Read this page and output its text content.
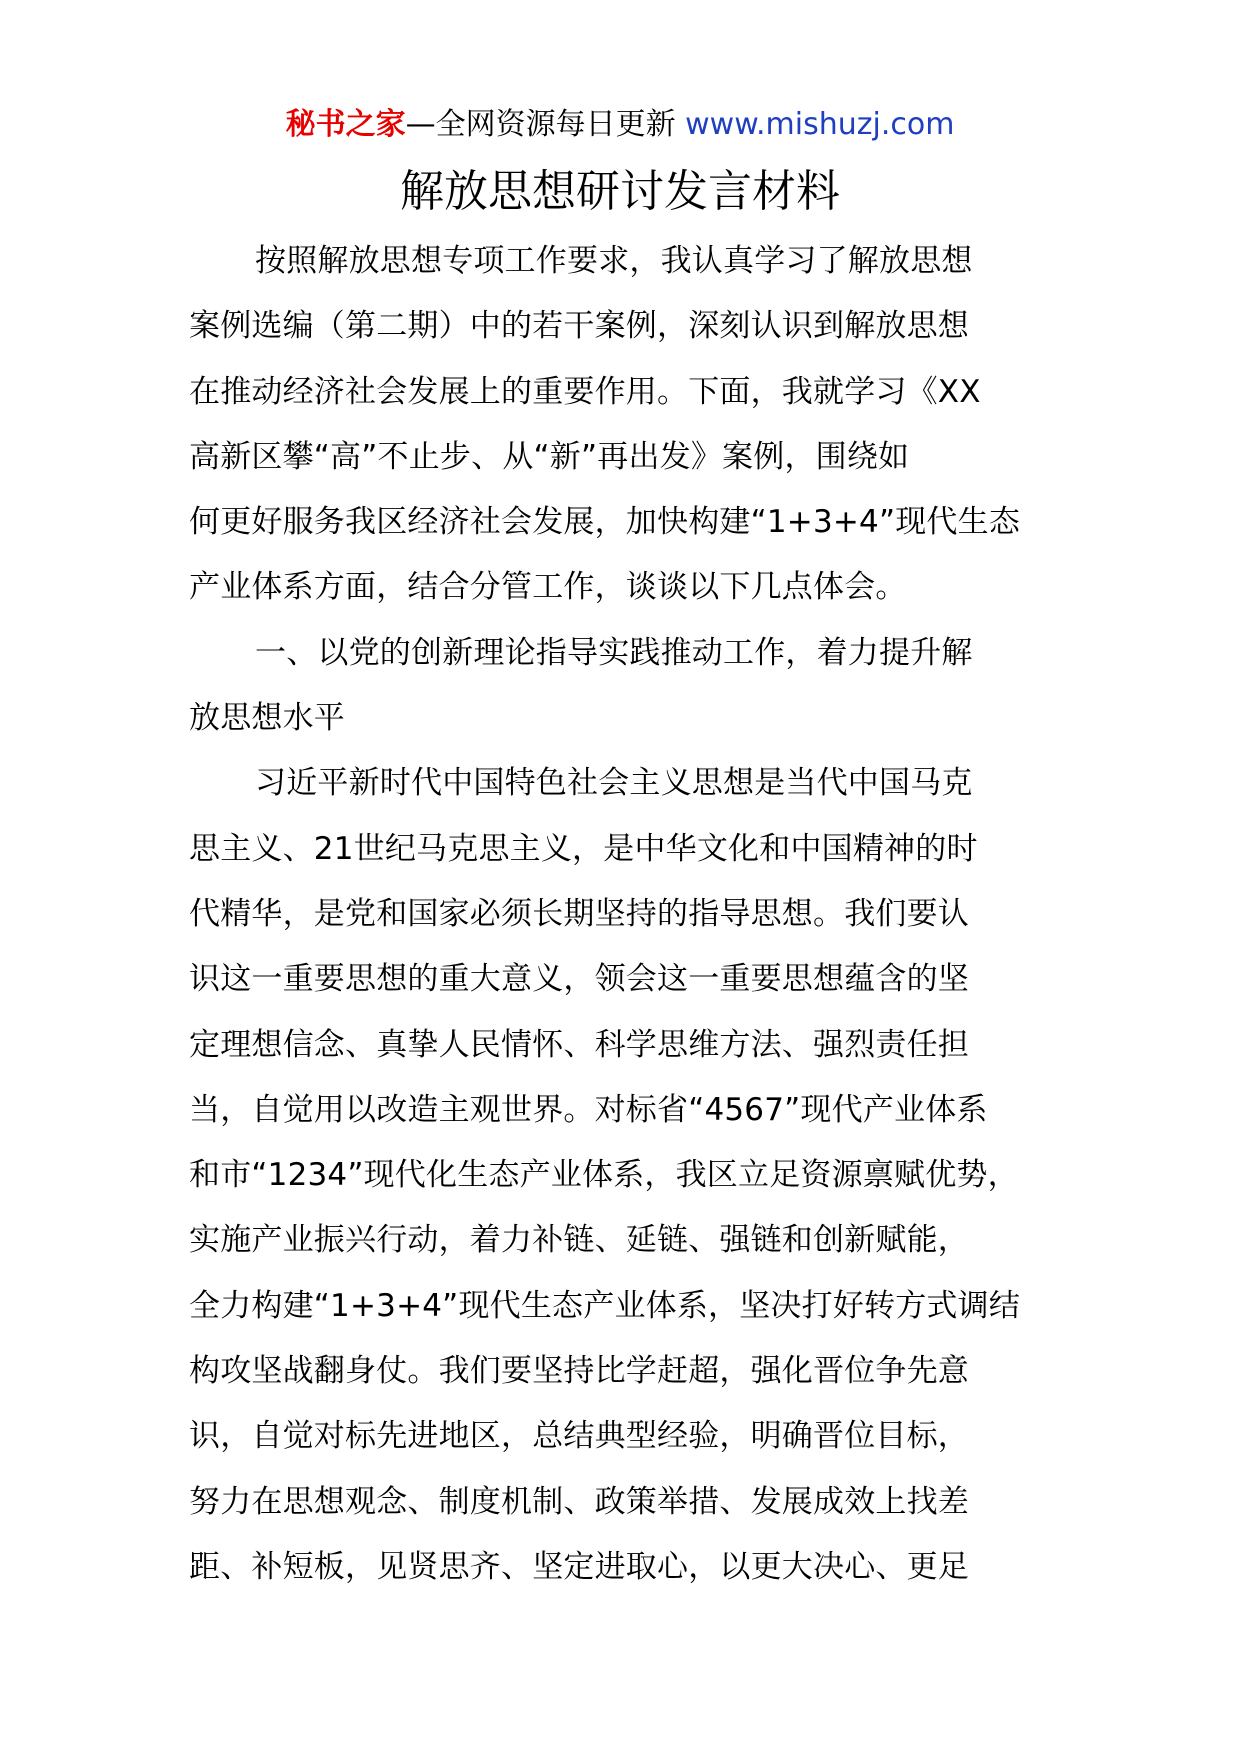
秘书之家—全网资源每日更新 www.mishuzj.com
解放思想研讨发言材料
按照解放思想专项工作要求，我认真学习了解放思想
案例选编（第二期）中的若干案例，深刻认识到解放思想
在推动经济社会发展上的重要作用。下面，我就学习《XX
高新区攀“高”不止步、从“新”再出发》案例，围绕如
何更好服务我区经济社会发展，加快构建“1+3+4”现代生态
产业体系方面，结合分管工作，谈谈以下几点体会。
一、以党的创新理论指导实践推动工作，着力提升解
放思想水平
习近平新时代中国特色社会主义思想是当代中国马克
思主义、21世纪马克思主义，是中华文化和中国精神的时
代精华，是党和国家必须长期坚持的指导思想。我们要认
识这一重要思想的重大意义，领会这一重要思想蕴含的坚
定理想信念、真挚人民情怀、科学思维方法、强烈责任担
当，自觉用以改造主观世界。对标省“4567”现代产业体系
和市“1234”现代化生态产业体系，我区立足资源禀赋优势，
实施产业振兴行动，着力补链、延链、强链和创新赋能，
全力构建“1+3+4”现代生态产业体系，坚决打好转方式调结
构攻坚战翻身仗。我们要坚持比学赶超，强化晋位争先意
识，自觉对标先进地区，总结典型经验，明确晋位目标，
努力在思想观念、制度机制、政策举措、发展成效上找差
距、补短板，见贤思齐、坚定进取心，以更大决心、更足
